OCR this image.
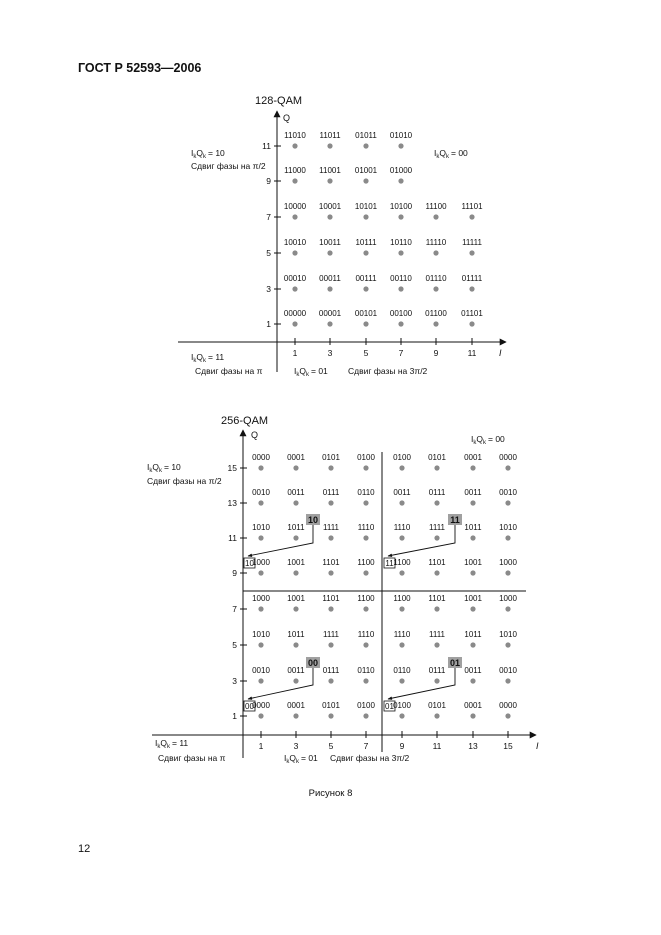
ГОСТ Р 52593—2006
128-QAM
Q
I
1
3
5
7
9
11
1	3	5	7	9	11
11010 11011 01011 01010
11000 11001 01001 01000
10000 10001 10101 10100 11100 11101
10010 10011 10111 10110 11110 11111
00010 00011 00111 00110 01110 01111
00000 00001 00101 00100 01100 01101
$I_kQ_k = 10$
Сдвиг фазы на π/2
$I_kQ_k = 00$
$I_kQ_k = 11$
Сдвиг фазы на π	$I_kQ_k = 01$ Сдвиг фазы на 3π/2
256-QAM
Q
I
1
3
5
7
9
11
13
15
1	3	5	7	9	11	13	15
0000 0001 0101 0100 0100 0101 0001 0000
0010 0011 0111 0110 0011 0111 0011 0010
1010 1011 1111 1110 1110 1111 1011 1010
1000 1001 1101 1100 1100 1101 1001 1000
1000 1001 1101 1100 1100 1101 1001 1000
1010 1011 1111 1110 1110 1111 1011 1010
0010 0011 0111 0110 0110 0111 0011 0010
0000 0001 0101 0100 0100 0101 0001 0000
10	11
00	01
10	11
00	01
$I_kQ_k = 10$
Сдвиг фазы на π/2
$I_kQ_k = 00$
$I_kQ_k = 11$
Сдвиг фазы на π	$I_kQ_k = 01$ Сдвиг фазы на 3π/2
Рисунок 8
12
